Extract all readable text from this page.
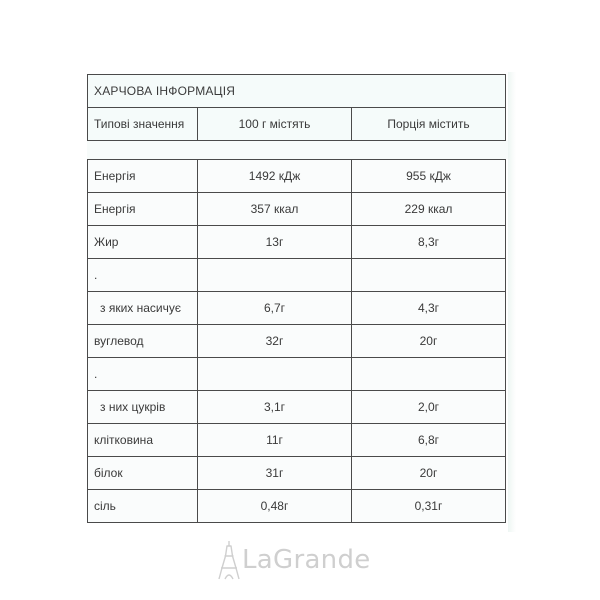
ХАРЧОВА ІНФОРМАЦІЯ
Типові значення	100 г містять	Порція містить
Енергія	1492 кДж	955 кДж
Енергія	357 ккал	229 ккал
Жир	13г	8,3г
.		
з яких насичує	6,7г	4,3г
вуглевод	32г	20г
.		
з них цукрів	3,1г	2,0г
клітковина	11г	6,8г
білок	31г	20г
сіль	0,48г	0,31г
LaGrande
